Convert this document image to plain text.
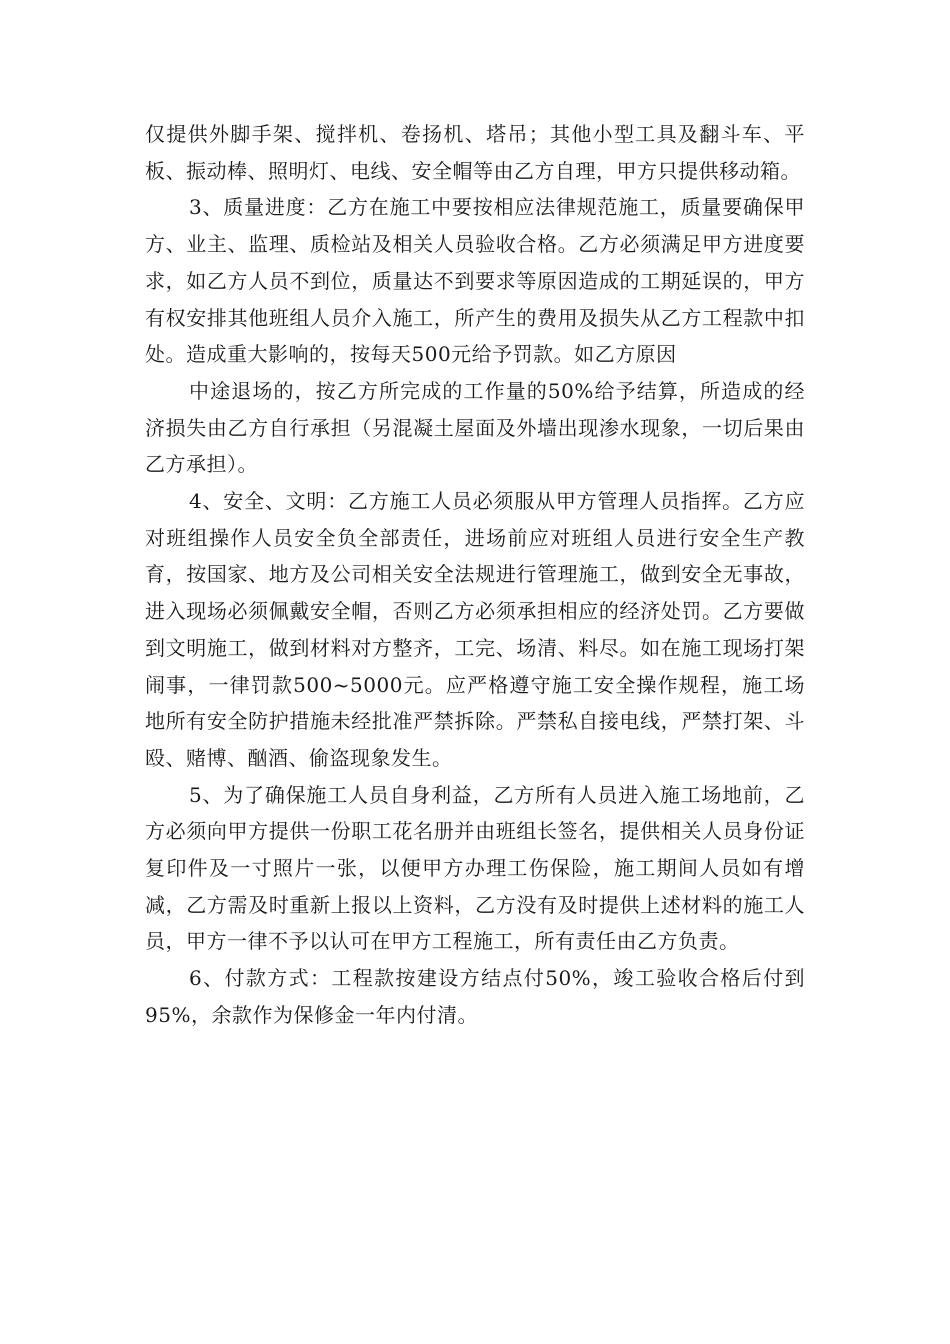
仅提供外脚手架、搅拌机、卷扬机、塔吊；其他小型工具及翻斗车、平板、振动棒、照明灯、电线、安全帽等由乙方自理，甲方只提供移动箱。

3、质量进度：乙方在施工中要按相应法律规范施工，质量要确保甲方、业主、监理、质检站及相关人员验收合格。乙方必须满足甲方进度要求，如乙方人员不到位，质量达不到要求等原因造成的工期延误的，甲方有权安排其他班组人员介入施工，所产生的费用及损失从乙方工程款中扣处。造成重大影响的，按每天500元给予罚款。如乙方原因

中途退场的，按乙方所完成的工作量的50%给予结算，所造成的经济损失由乙方自行承担（另混凝土屋面及外墙出现渗水现象，一切后果由乙方承担）。

4、安全、文明：乙方施工人员必须服从甲方管理人员指挥。乙方应对班组操作人员安全负全部责任，进场前应对班组人员进行安全生产教育，按国家、地方及公司相关安全法规进行管理施工，做到安全无事故，进入现场必须佩戴安全帽，否则乙方必须承担相应的经济处罚。乙方要做到文明施工，做到材料对方整齐，工完、场清、料尽。如在施工现场打架闹事，一律罚款500~5000元。应严格遵守施工安全操作规程，施工场地所有安全防护措施未经批准严禁拆除。严禁私自接电线，严禁打架、斗殴、赌博、酗酒、偷盗现象发生。

5、为了确保施工人员自身利益，乙方所有人员进入施工场地前，乙方必须向甲方提供一份职工花名册并由班组长签名，提供相关人员身份证复印件及一寸照片一张，以便甲方办理工伤保险，施工期间人员如有增减，乙方需及时重新上报以上资料，乙方没有及时提供上述材料的施工人员，甲方一律不予以认可在甲方工程施工，所有责任由乙方负责。

6、付款方式：工程款按建设方结点付50%，竣工验收合格后付到95%，余款作为保修金一年内付清。
